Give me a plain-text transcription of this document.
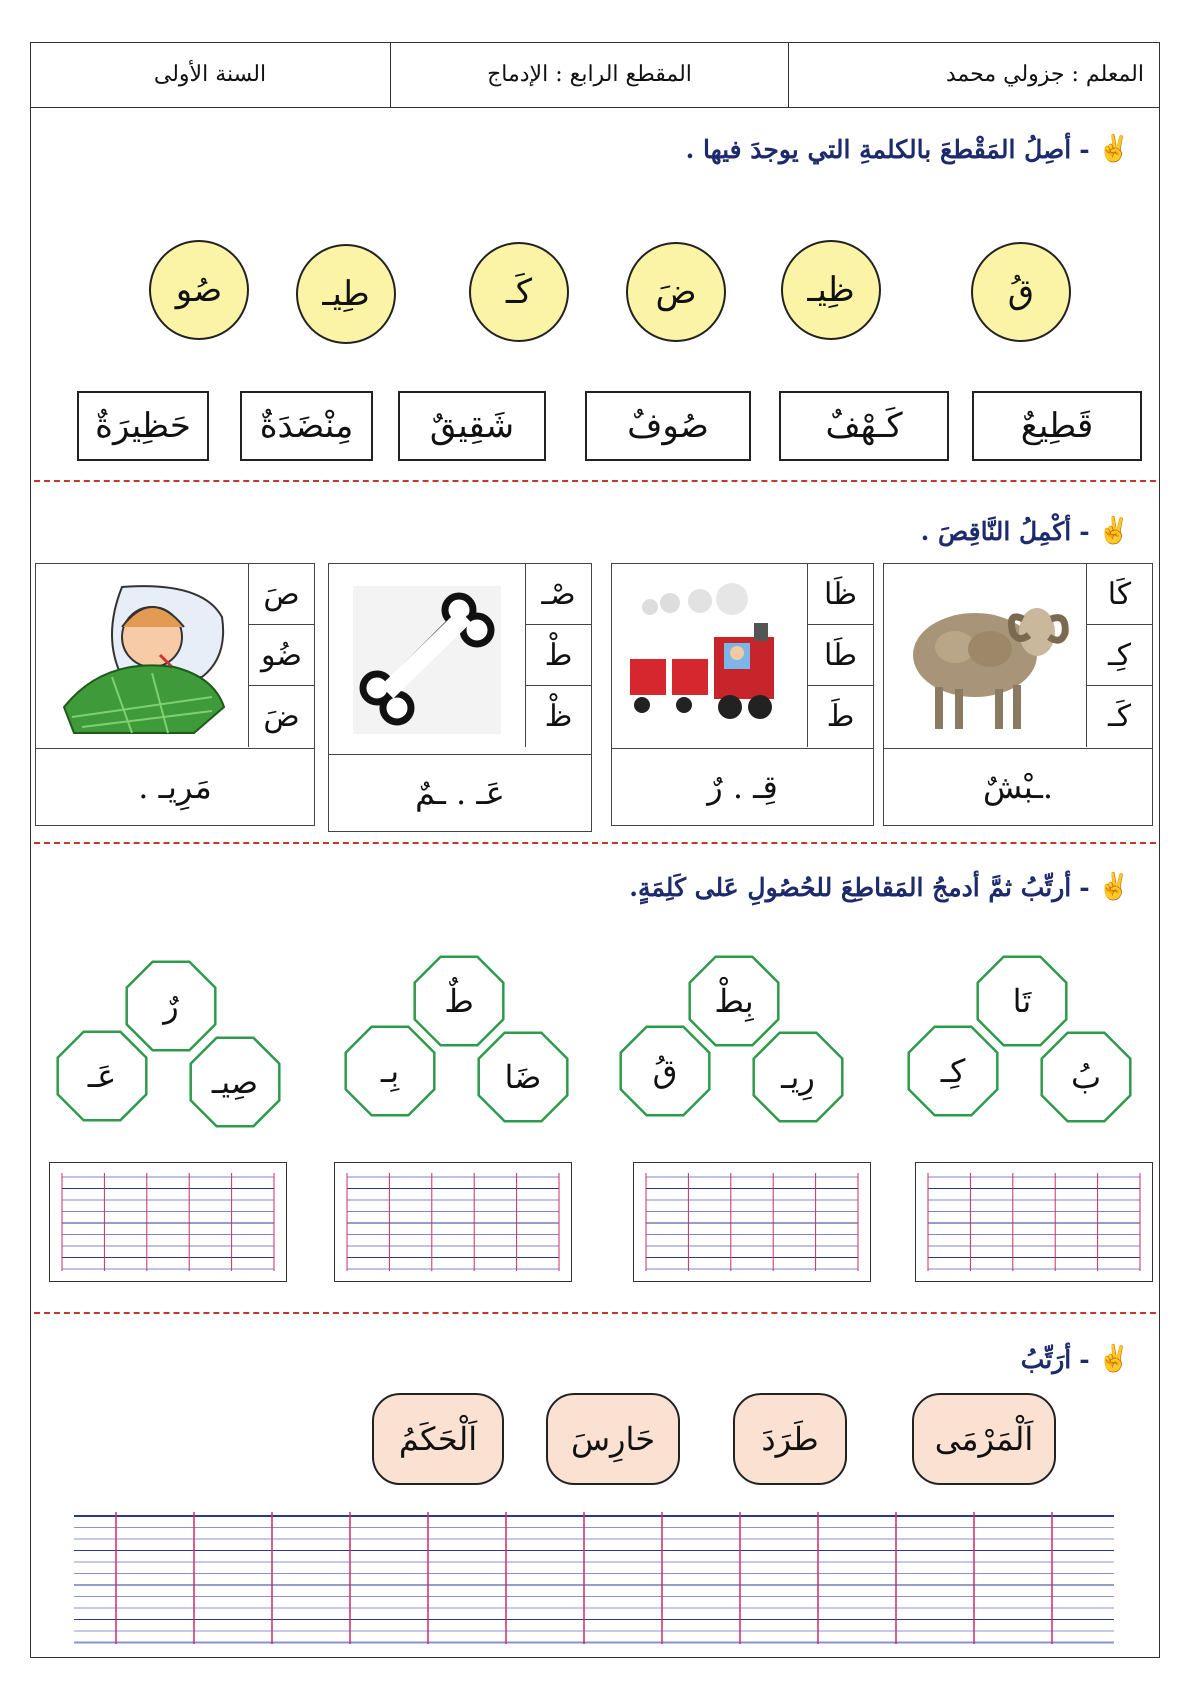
المعلم : جزولي محمد
المقطع الرابع : الإدماج
السنة الأولى
✌
-
أصِلُ المَقْطعَ بالكلمةِ التي يوجدَ فيها .
قُ
ظِيـ
ضَ
كَـ
طِيـ
صُو
قَطِيعٌ
كَـهْفٌ
صُوفٌ
شَقِيقٌ
مِنْضَدَةٌ
حَظِيرَةٌ
✌
-
أكْمِلُ النَّاقِصَ .
كَا
كِـ
كَـ
.ـبْشٌ
ظَا
طَا
طَ
قِـ . رٌ
صْـ
طْ
ظْ
عَـ . ـمٌ
صَ
ضُو
ضَ
مَرِيـ .
✌
-
أرتِّبُ ثمَّ أدمجُ المَقاطِعَ للحُصُولِ عَلى كَلِمَةٍ.
تَا
كِـ	بُ
بِطْ
قُ	رِيـ
طٌ
بِـ	ضَا
رٌ
عَـ	صِيـ
✌
-
أرَتِّبُ
اَلْمَرْمَى
طَرَدَ
حَارِسَ
اَلْحَكَمُ
